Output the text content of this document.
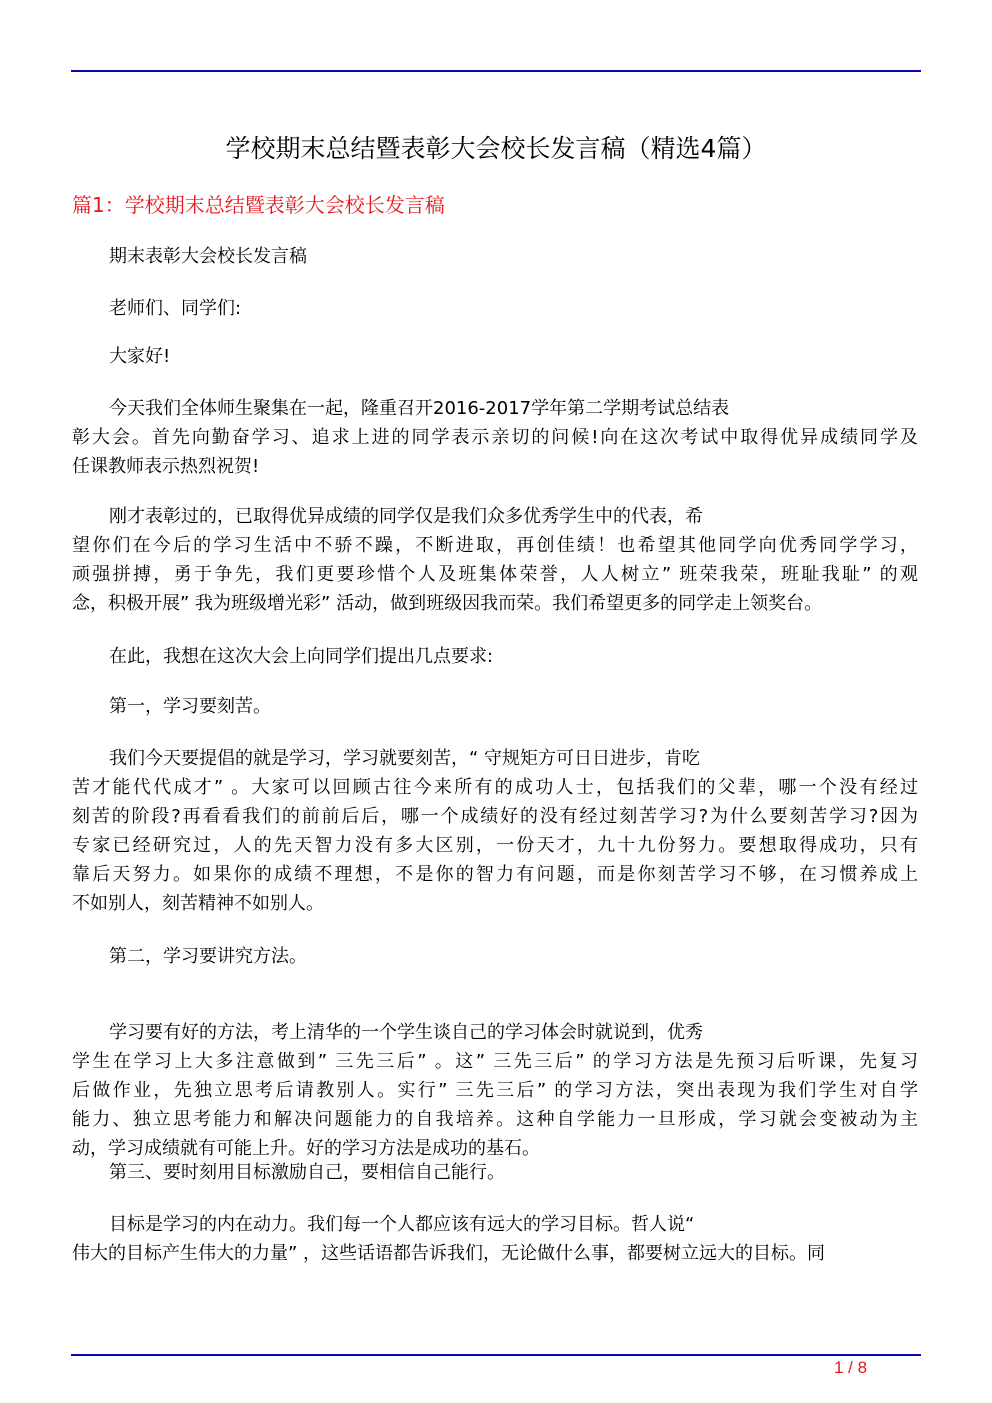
学校期末总结暨表彰大会校长发言稿（精选4篇）
篇1：学校期末总结暨表彰大会校长发言稿
期末表彰大会校长发言稿
老师们、同学们:
大家好!
今天我们全体师生聚集在一起，隆重召开2016-2017学年第二学期考试总结表
彰大会。首先向勤奋学习、追求上进的同学表示亲切的问候!向在这次考试中取得优异成绩同学及
任课教师表示热烈祝贺!
刚才表彰过的，已取得优异成绩的同学仅是我们众多优秀学生中的代表，希
望你们在今后的学习生活中不骄不躁，不断进取，再创佳绩！也希望其他同学向优秀同学学习，
顽强拼搏，勇于争先，我们更要珍惜个人及班集体荣誉，人人树立” 班荣我荣，班耻我耻” 的观
念，积极开展” 我为班级增光彩” 活动，做到班级因我而荣。我们希望更多的同学走上领奖台。
在此，我想在这次大会上向同学们提出几点要求:
第一，学习要刻苦。
我们今天要提倡的就是学习，学习就要刻苦，“ 守规矩方可日日进步，肯吃
苦才能代代成才” 。大家可以回顾古往今来所有的成功人士，包括我们的父辈，哪一个没有经过
刻苦的阶段?再看看我们的前前后后，哪一个成绩好的没有经过刻苦学习?为什么要刻苦学习?因为
专家已经研究过，人的先天智力没有多大区别，一份天才，九十九份努力。要想取得成功，只有
靠后天努力。如果你的成绩不理想，不是你的智力有问题，而是你刻苦学习不够，在习惯养成上
不如别人，刻苦精神不如别人。
第二，学习要讲究方法。
学习要有好的方法，考上清华的一个学生谈自己的学习体会时就说到，优秀
学生在学习上大多注意做到” 三先三后” 。这” 三先三后” 的学习方法是先预习后听课，先复习
后做作业，先独立思考后请教别人。实行” 三先三后” 的学习方法，突出表现为我们学生对自学
能力、独立思考能力和解决问题能力的自我培养。这种自学能力一旦形成，学习就会变被动为主
动，学习成绩就有可能上升。好的学习方法是成功的基石。
第三、要时刻用目标激励自己，要相信自己能行。
目标是学习的内在动力。我们每一个人都应该有远大的学习目标。哲人说“
伟大的目标产生伟大的力量” ，这些话语都告诉我们，无论做什么事，都要树立远大的目标。同
1 / 8
